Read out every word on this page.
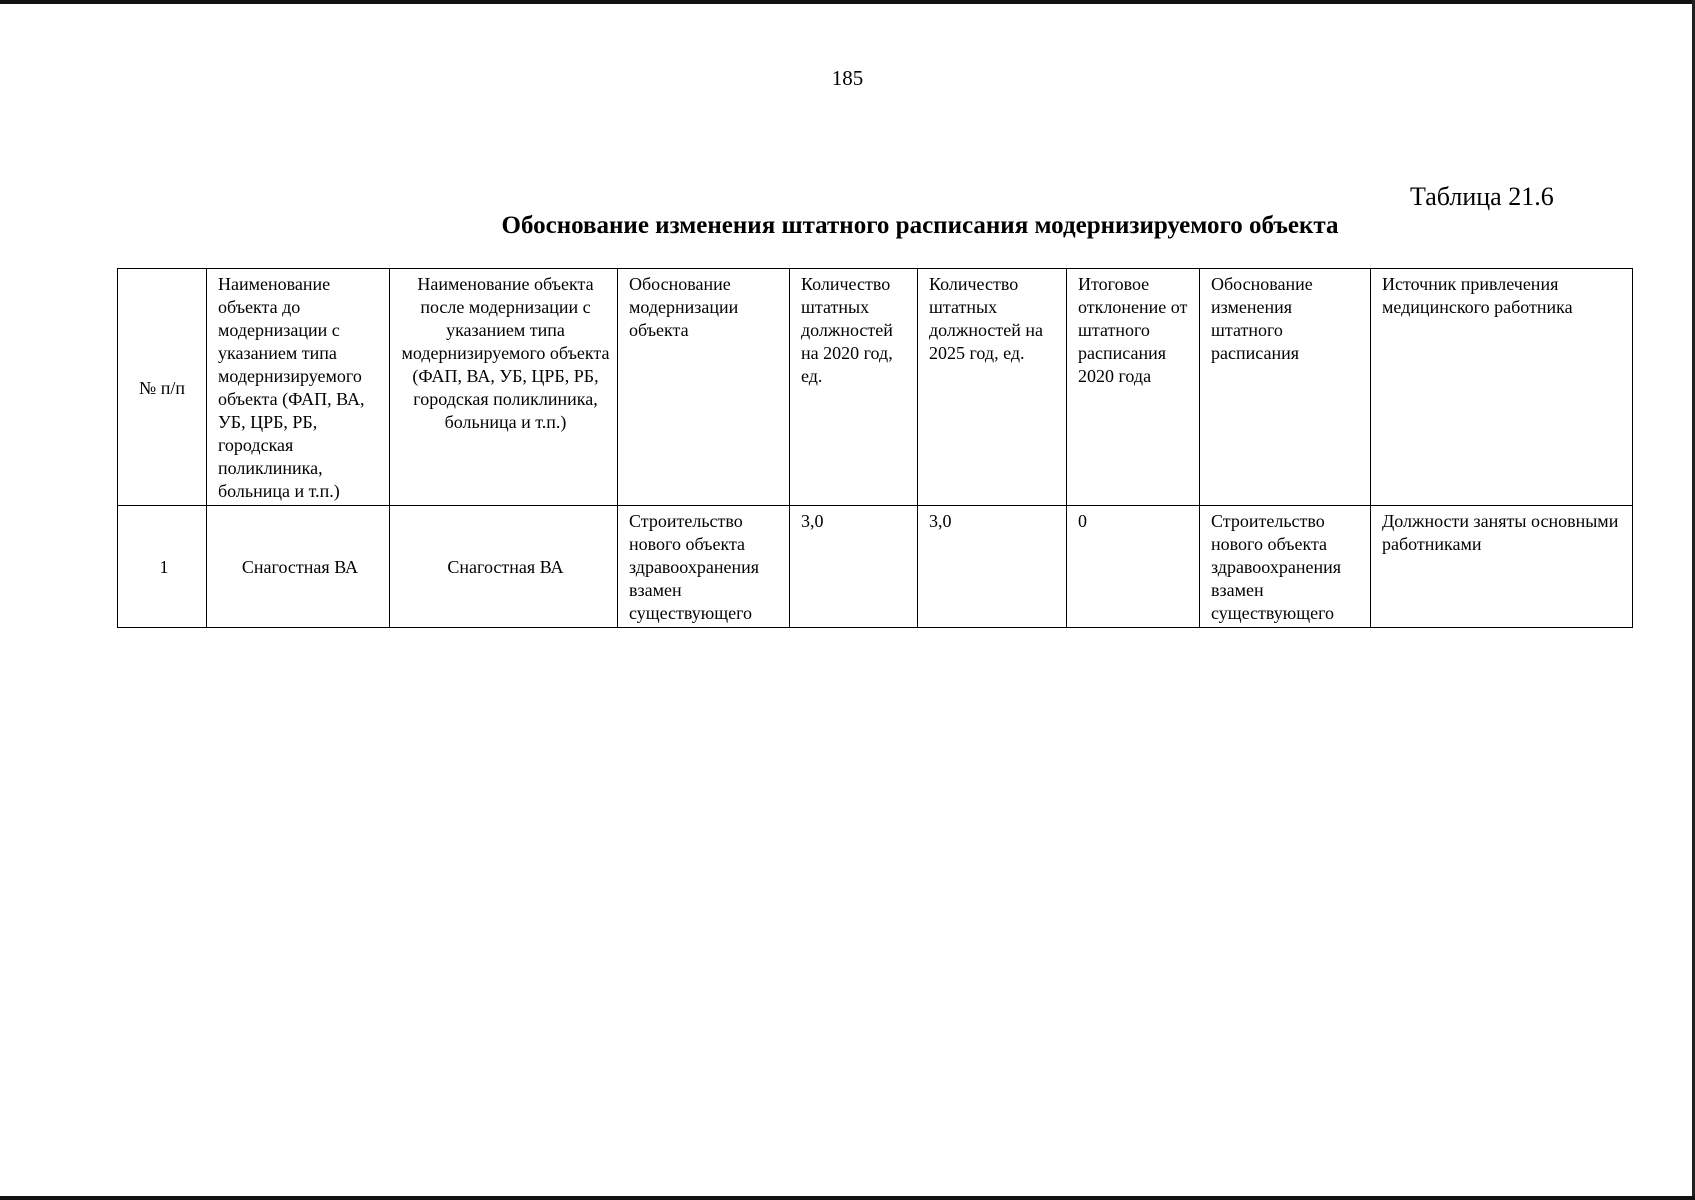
185
Таблица 21.6
Обоснование изменения штатного расписания модернизируемого объекта
№ п/п	Наименование объекта до модернизации с указанием типа модернизируемого объекта (ФАП, ВА, УБ, ЦРБ, РБ, городская поликлиника, больница и т.п.)	Наименование объекта после модернизации с указанием типа модернизируемого объекта (ФАП, ВА, УБ, ЦРБ, РБ, городская поликлиника, больница и т.п.)	Обоснование модернизации объекта	Количество штатных должностей на 2020 год, ед.	Количество штатных должностей на 2025 год, ед.	Итоговое отклонение от штатного расписания 2020 года	Обоснование изменения штатного расписания	Источник привлечения медицинского работника
1	Снагостная ВА	Снагостная ВА	Строительство нового объекта здравоохранения взамен существующего	3,0	3,0	0	Строительство нового объекта здравоохранения взамен существующего	Должности заняты основными работниками
